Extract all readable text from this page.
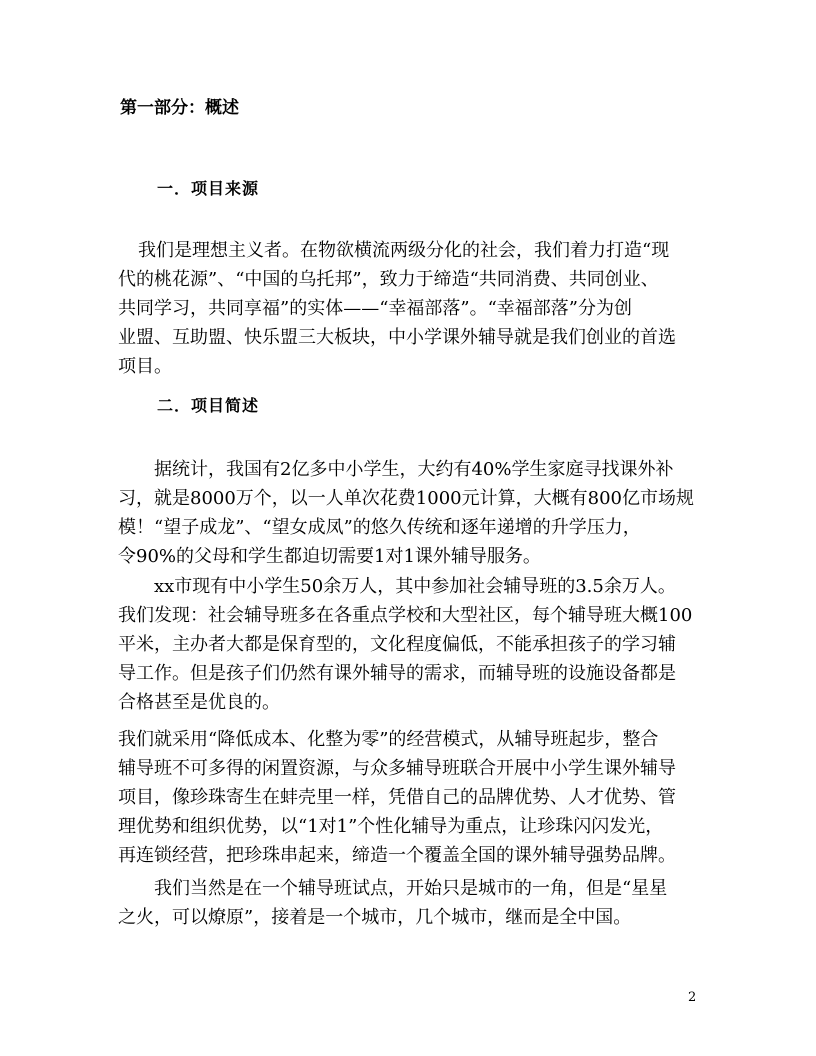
第一部分：概述
一．项目来源
我们是理想主义者。在物欲横流两级分化的社会，我们着力打造“现
代的桃花源”、“中国的乌托邦”，致力于缔造“共同消费、共同创业、
共同学习，共同享福”的实体——“幸福部落”。“幸福部落”分为创
业盟、互助盟、快乐盟三大板块，中小学课外辅导就是我们创业的首选
项目。
二．项目简述
据统计，我国有2亿多中小学生，大约有40%学生家庭寻找课外补
习，就是8000万个，以一人单次花费1000元计算，大概有800亿市场规
模！“望子成龙”、“望女成凤”的悠久传统和逐年递增的升学压力，
令90%的父母和学生都迫切需要1对1课外辅导服务。
xx市现有中小学生50余万人，其中参加社会辅导班的3.5余万人。
我们发现：社会辅导班多在各重点学校和大型社区，每个辅导班大概100
平米，主办者大都是保育型的，文化程度偏低，不能承担孩子的学习辅
导工作。但是孩子们仍然有课外辅导的需求，而辅导班的设施设备都是
合格甚至是优良的。
我们就采用“降低成本、化整为零”的经营模式，从辅导班起步，整合
辅导班不可多得的闲置资源，与众多辅导班联合开展中小学生课外辅导
项目，像珍珠寄生在蚌壳里一样，凭借自己的品牌优势、人才优势、管
理优势和组织优势，以“1对1”个性化辅导为重点，让珍珠闪闪发光，
再连锁经营，把珍珠串起来，缔造一个覆盖全国的课外辅导强势品牌。
我们当然是在一个辅导班试点，开始只是城市的一角，但是“星星
之火，可以燎原”，接着是一个城市，几个城市，继而是全中国。
2
